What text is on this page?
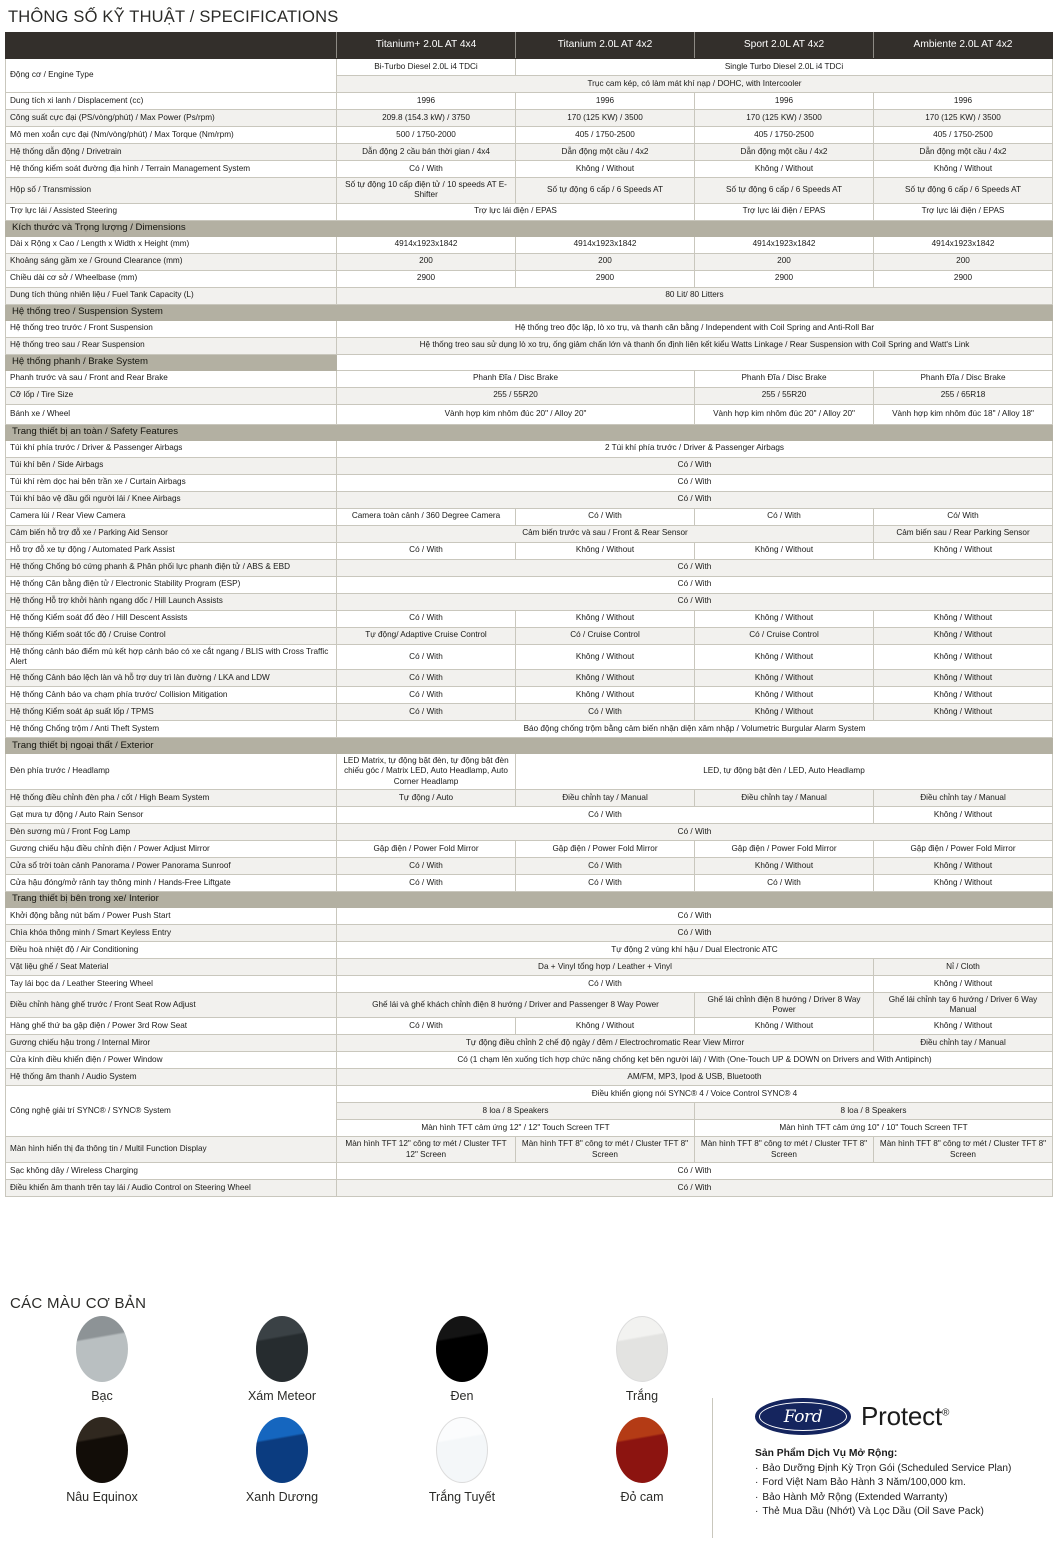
THÔNG SỐ KỸ THUẬT / SPECIFICATIONS
	Titanium+ 2.0L AT 4x4	Titanium 2.0L AT 4x2	Sport 2.0L AT 4x2	Ambiente 2.0L AT 4x2
Động cơ / Engine Type	Bi-Turbo Diesel 2.0L i4 TDCi	Single Turbo Diesel 2.0L i4 TDCi		
	Trục cam kép, có làm mát khí nạp / DOHC, with Intercooler			
Dung tích xi lanh / Displacement (cc)	1996	1996	1996	1996
Công suất cực đại (PS/vòng/phút) / Max Power (Ps/rpm)	209.8 (154.3 kW) / 3750	170 (125 KW) / 3500	170 (125 KW) / 3500	170 (125 KW) / 3500
Mô men xoắn cực đại (Nm/vòng/phút) / Max Torque (Nm/rpm)	500 / 1750-2000	405 / 1750-2500	405 / 1750-2500	405 / 1750-2500
Hệ thống dẫn động / Drivetrain	Dẫn động 2 cầu bán thời gian / 4x4	Dẫn động một cầu / 4x2	Dẫn động một cầu / 4x2	Dẫn động một cầu / 4x2
Hệ thống kiểm soát đường địa hình / Terrain Management System	Có / With	Không / Without	Không / Without	Không / Without
Hộp số / Transmission	Số tự động 10 cấp điện tử / 10 speeds AT E-Shifter	Số tự động 6 cấp / 6 Speeds AT	Số tự động 6 cấp / 6 Speeds AT	Số tự động 6 cấp / 6 Speeds AT
Trợ lực lái / Assisted Steering	Trợ lực lái điện / EPAS		Trợ lực lái điện / EPAS	Trợ lực lái điện / EPAS
Kích thước và Trọng lượng / Dimensions				
Dài x Rộng x Cao / Length x Width x Height (mm)	4914x1923x1842	4914x1923x1842	4914x1923x1842	4914x1923x1842
Khoảng sáng gầm xe / Ground Clearance (mm)	200	200	200	200
Chiều dài cơ sở / Wheelbase (mm)	2900	2900	2900	2900
Dung tích thùng nhiên liệu / Fuel Tank Capacity (L)	80 Lit/ 80 Litters			
Hệ thống treo / Suspension System				
Hệ thống treo trước / Front Suspension	Hệ thống treo độc lập, lò xo trụ, và thanh cân bằng / Independent with Coil Spring and Anti-Roll Bar			
Hệ thống treo sau / Rear Suspension	Hệ thống treo sau sử dụng lò xo trụ, ống giảm chấn lớn và thanh ổn định liên kết kiểu Watts Linkage / Rear Suspension with Coil Spring and Watt's Link			
Hệ thống phanh / Brake System				
Phanh trước và sau / Front and Rear Brake	Phanh Đĩa / Disc Brake		Phanh Đĩa / Disc Brake	Phanh Đĩa / Disc Brake
Cỡ lốp / Tire Size	255 / 55R20		255 / 55R20	255 / 65R18
Bánh xe / Wheel	Vành hợp kim nhôm đúc 20" / Alloy 20"		Vành hợp kim nhôm đúc 20" / Alloy 20"	Vành hợp kim nhôm đúc 18" / Alloy 18"
Trang thiết bị an toàn / Safety Features				
Túi khí phía trước / Driver & Passenger Airbags	2 Túi khí phía trước / Driver & Passenger Airbags			
Túi khí bên / Side Airbags	Có / With			
Túi khí rèm dọc hai bên trần xe / Curtain Airbags	Có / With			
Túi khí bảo vệ đầu gối người lái / Knee Airbags	Có / With			
Camera lùi / Rear View Camera	Camera toàn cảnh / 360 Degree Camera	Có / With	Có / With	Có/ With
Cảm biến hỗ trợ đỗ xe / Parking Aid Sensor	Cảm biến trước và sau / Front & Rear Sensor			Cảm biến sau / Rear Parking Sensor
Hỗ trợ đỗ xe tự động / Automated Park Assist	Có / With	Không / Without	Không / Without	Không / Without
Hệ thống Chống bó cứng phanh & Phân phối lực phanh điện tử / ABS & EBD	Có / With			
Hệ thống Cân bằng điện tử / Electronic Stability Program (ESP)	Có / With			
Hệ thống Hỗ trợ khởi hành ngang dốc / Hill Launch Assists	Có / With			
Hệ thống Kiểm soát đổ đèo / Hill Descent Assists	Có / With	Không / Without	Không / Without	Không / Without
Hệ thống Kiểm soát tốc độ / Cruise Control	Tự động/ Adaptive Cruise Control	Có / Cruise Control	Có / Cruise Control	Không / Without
Hệ thống cảnh báo điểm mù kết hợp cảnh báo có xe cắt ngang / BLIS with Cross Traffic Alert	Có / With	Không / Without	Không / Without	Không / Without
Hệ thống Cảnh báo lệch làn và hỗ trợ duy trì làn đường / LKA and LDW	Có / With	Không / Without	Không / Without	Không / Without
Hệ thống Cảnh báo va chạm phía trước/ Collision Mitigation	Có / With	Không / Without	Không / Without	Không / Without
Hệ thống Kiểm soát áp suất lốp / TPMS	Có / With	Có / With	Không / Without	Không / Without
Hệ thống Chống trộm / Anti Theft System	Báo động chống trộm bằng cảm biến nhận diện xâm nhập / Volumetric Burgular Alarm System			
Trang thiết bị ngoại thất / Exterior				
Đèn phía trước / Headlamp	LED Matrix, tự động bật đèn, tự động bật đèn chiếu góc / Matrix LED, Auto Headlamp, Auto Corner Headlamp	LED, tự động bật đèn / LED, Auto Headlamp		
Hệ thống điều chỉnh đèn pha / cốt / High Beam System	Tự động / Auto	Điều chỉnh tay / Manual	Điều chỉnh tay / Manual	Điều chỉnh tay / Manual
Gạt mưa tự động / Auto Rain Sensor	Có / With			Không / Without
Đèn sương mù / Front Fog Lamp	Có / With			
Gương chiếu hậu điều chỉnh điện / Power Adjust Mirror	Gập điện / Power Fold Mirror	Gập điện / Power Fold Mirror	Gập điện / Power Fold Mirror	Gập điện / Power Fold Mirror
Cửa sổ trời toàn cảnh Panorama / Power Panorama Sunroof	Có / With	Có / With	Không / Without	Không / Without
Cửa hậu đóng/mở rảnh tay thông minh / Hands-Free Liftgate	Có / With	Có / With	Có / With	Không / Without
Trang thiết bị bên trong xe/ Interior				
Khởi động bằng nút bấm / Power Push Start	Có / With			
Chìa khóa thông minh / Smart Keyless Entry	Có / With			
Điều hoà nhiệt độ / Air Conditioning	Tự động 2 vùng khí hậu / Dual Electronic ATC			
Vật liệu ghế / Seat Material	Da + Vinyl tổng hợp / Leather + Vinyl			Nỉ / Cloth
Tay lái bọc da / Leather Steering Wheel	Có / With			Không / Without
Điều chỉnh hàng ghế trước / Front Seat Row Adjust	Ghế lái và ghế khách chỉnh điện 8 hướng / Driver and Passenger 8 Way Power		Ghế lái chỉnh điện 8 hướng / Driver 8 Way Power	Ghế lái chỉnh tay 6 hướng / Driver 6 Way Manual
Hàng ghế thứ ba gập điện / Power 3rd Row Seat	Có / With	Không / Without	Không / Without	Không / Without
Gương chiếu hậu trong / Internal Miror	Tự động điều chỉnh 2 chế độ ngày / đêm / Electrochromatic Rear View Mirror			Điều chỉnh tay / Manual
Cửa kính điều khiển điện / Power Window	Có (1 chạm lên xuống tích hợp chức năng chống kẹt bên người lái) / With (One-Touch UP & DOWN on Drivers and With Antipinch)			
Hệ thống âm thanh / Audio System	AM/FM, MP3, Ipod & USB, Bluetooth			
Công nghệ giải trí SYNC® / SYNC® System	Điều khiển giọng nói SYNC® 4 / Voice Control SYNC® 4			
	8 loa / 8 Speakers		8 loa / 8 Speakers	
	Màn hình TFT cảm ứng 12" / 12" Touch Screen TFT		Màn hình TFT cảm ứng 10" / 10" Touch Screen TFT	
Màn hình hiển thị đa thông tin / Multil Function Display	Màn hình TFT 12" công tơ mét / Cluster TFT 12" Screen	Màn hình TFT 8" công tơ mét / Cluster TFT 8" Screen	Màn hình TFT 8" công tơ mét / Cluster TFT 8" Screen	Màn hình TFT 8" công tơ mét / Cluster TFT 8" Screen
Sạc không dây / Wireless Charging	Có / With			
Điều khiển âm thanh trên tay lái / Audio Control on Steering Wheel	Có / With			
CÁC MÀU CƠ BẢN
Bạc	Xám Meteor	Đen	Trắng
Nâu Equinox	Xanh Dương	Trắng Tuyết	Đỏ cam
Ford Protect®
Sản Phẩm Dịch Vụ Mở Rộng:
· Bảo Dưỡng Định Kỳ Trọn Gói (Scheduled Service Plan)
· Ford Việt Nam Bảo Hành 3 Năm/100,000 km.
· Bảo Hành Mở Rộng (Extended Warranty)
· Thẻ Mua Dầu (Nhớt) Và Lọc Dầu (Oil Save Pack)
